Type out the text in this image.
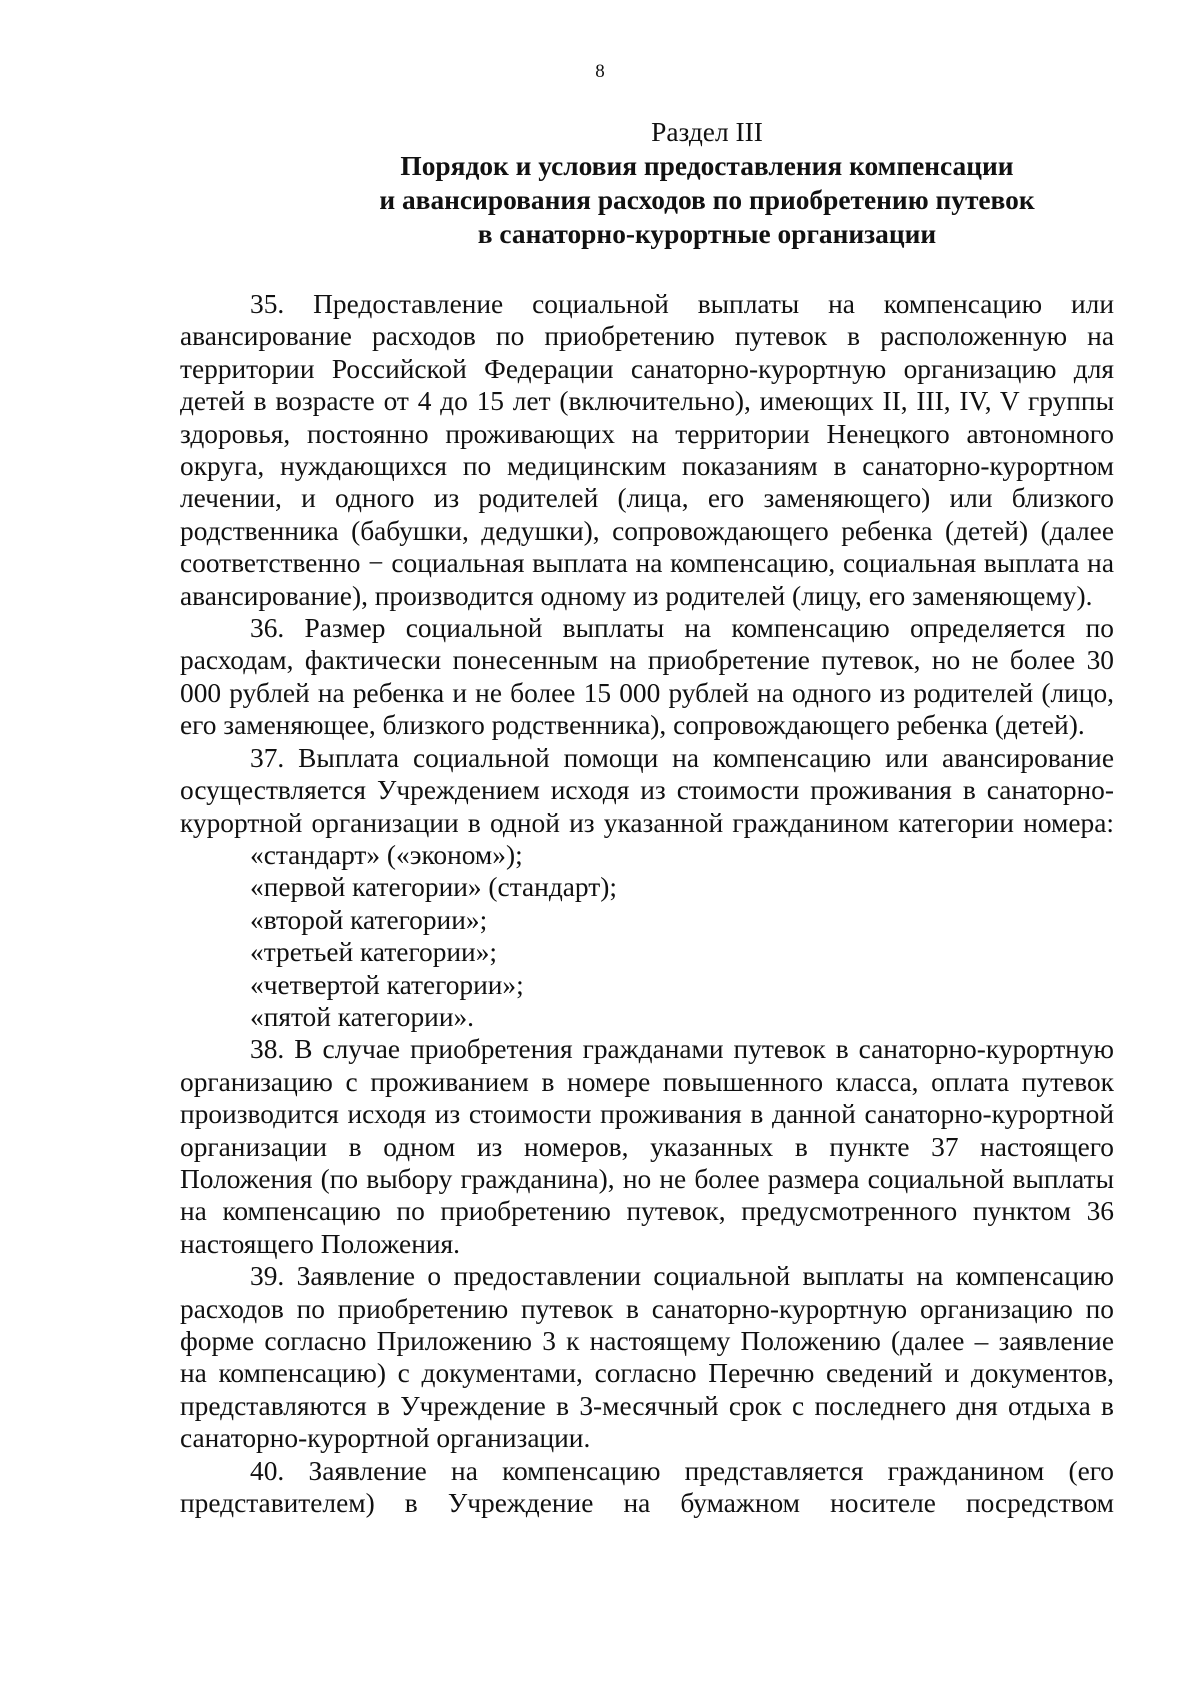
8
Раздел III
Порядок и условия предоставления компенсации
и авансирования расходов по приобретению путевок
в санаторно-курортные организации

35. Предоставление социальной выплаты на компенсацию или авансирование расходов по приобретению путевок в расположенную на территории Российской Федерации санаторно-курортную организацию для детей в возрасте от 4 до 15 лет (включительно), имеющих II, III, IV, V группы здоровья, постоянно проживающих на территории Ненецкого автономного округа, нуждающихся по медицинским показаниям в санаторно-курортном лечении, и одного из родителей (лица, его заменяющего) или близкого родственника (бабушки, дедушки), сопровождающего ребенка (детей) (далее соответственно − социальная выплата на компенсацию, социальная выплата на авансирование), производится одному из родителей (лицу, его заменяющему).

36. Размер социальной выплаты на компенсацию определяется по расходам, фактически понесенным на приобретение путевок, но не более 30 000 рублей на ребенка и не более 15 000 рублей на одного из родителей (лицо, его заменяющее, близкого родственника), сопровождающего ребенка (детей).

37. Выплата социальной помощи на компенсацию или авансирование осуществляется Учреждением исходя из стоимости проживания в санаторно-курортной организации в одной из указанной гражданином категории номера:

«стандарт» («эконом»);
«первой категории» (стандарт);
«второй категории»;
«третьей категории»;
«четвертой категории»;
«пятой категории».

38. В случае приобретения гражданами путевок в санаторно-курортную организацию с проживанием в номере повышенного класса, оплата путевок производится исходя из стоимости проживания в данной санаторно-курортной организации в одном из номеров, указанных в пункте 37 настоящего Положения (по выбору гражданина), но не более размера социальной выплаты на компенсацию по приобретению путевок, предусмотренного пунктом 36 настоящего Положения.

39. Заявление о предоставлении социальной выплаты на компенсацию расходов по приобретению путевок в санаторно-курортную организацию по форме согласно Приложению 3 к настоящему Положению (далее – заявление на компенсацию) с документами, согласно Перечню сведений и документов, представляются в Учреждение в 3-месячный срок с последнего дня отдыха в санаторно-курортной организации.

40. Заявление на компенсацию представляется гражданином (его представителем) в Учреждение на бумажном носителе посредством
